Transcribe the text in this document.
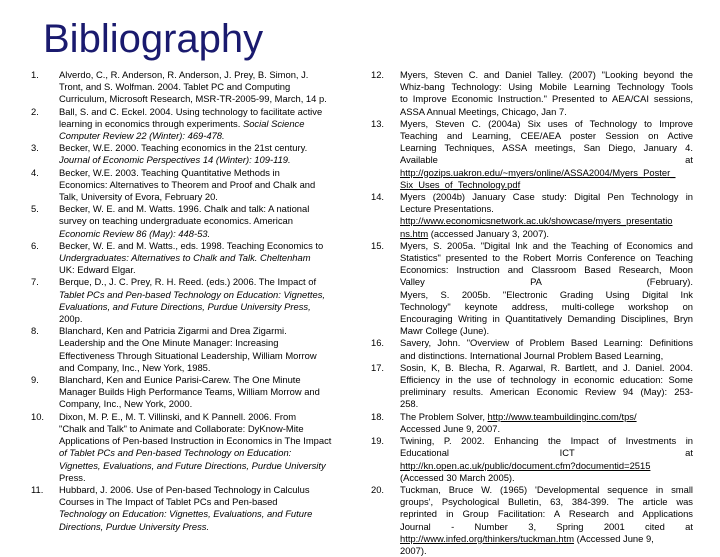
Bibliography
1. Alverdo, C., R. Anderson, R. Anderson, J. Prey, B. Simon, J.
Tront, and S. Wolfman. 2004. Tablet PC and Computing
Curriculum, Microsoft Research, MSR-TR-2005-99, March, 14 p.
2. Ball, S. and C. Eckel. 2004. Using technology to facilitate active
learning in economics through experiments. Social Science
Computer Review 22 (Winter): 469-478.
3. Becker, W.E. 2000. Teaching economics in the 21st century.
Journal of Economic Perspectives 14 (Winter): 109-119.
4. Becker, W.E. 2003. Teaching Quantitative Methods in
Economics: Alternatives to Theorem and Proof and Chalk and
Talk, University of Evora, February 20.
5. Becker, W. E. and M. Watts. 1996. Chalk and talk: A national
survey on teaching undergraduate economics. American
Economic Review 86 (May): 448-53.
6. Becker, W. E. and M. Watts., eds. 1998. Teaching Economics to
Undergraduates: Alternatives to Chalk and Talk. Cheltenham
UK: Edward Elgar.
7. Berque, D., J. C. Prey, R. H. Reed. (eds.) 2006. The Impact of
Tablet PCs and Pen-based Technology on Education: Vignettes,
Evaluations, and Future Directions, Purdue University Press,
200p.
8. Blanchard, Ken and Patricia Zigarmi and Drea Zigarmi.
Leadership and the One Minute Manager: Increasing
Effectiveness Through Situational Leadership, William Morrow
and Company, Inc., New York, 1985.
9. Blanchard, Ken and Eunice Parisi-Carew. The One Minute
Manager Builds High Performance Teams, William Morrow and
Company, Inc., New York, 2000.
10. Dixon, M. P. E., M. T. Villinski, and K Pannell. 2006. From
"Chalk and Talk" to Animate and Collaborate: DyKnow-Mite
Applications of Pen-based Instruction in Economics in The Impact
of Tablet PCs and Pen-based Technology on Education:
Vignettes, Evaluations, and Future Directions, Purdue University
Press.
11. Hubbard, J. 2006. Use of Pen-based Technology in Calculus
Courses in The Impact of Tablet PCs and Pen-based
Technology on Education: Vignettes, Evaluations, and Future
Directions, Purdue University Press.
12. Myers, Steven C. and Daniel Talley. (2007) "Looking beyond the
Whiz-bang Technology: Using Mobile Learning Technology Tools
to Improve Economic Instruction." Presented to AEA/CAI sessions,
ASSA Annual Meetings, Chicago, Jan 7.
13. Myers, Steven C. (2004a) Six uses of Technology to Improve
Teaching and Learning, CEE/AEA poster Session on Active
Learning Techniques, ASSA meetings, San Diego, January 4.
Available at
http://gozips.uakron.edu/~myers/online/ASSA2004/Myers_Poster_
Six_Uses_of_Technology.pdf
14. Myers (2004b) January Case study: Digital Pen Technology in
Lecture Presentations.
http://www.economicsnetwork.ac.uk/showcase/myers_presentatio
ns.htm (accessed January 3, 2007).
15. Myers, S. 2005a. "Digital Ink and the Teaching of Economics and
Statistics" presented to the Robert Morris Conference on Teaching
Economics: Instruction and Classroom Based Research, Moon
Valley PA (February).
Myers, S. 2005b. "Electronic Grading Using Digital Ink
Technology" keynote address, multi-college workshop on
Encouraging Writing in Quantitatively Demanding Disciplines, Bryn
Mawr College (June).
16. Savery, John. "Overview of Problem Based Learning: Definitions
and distinctions. International Journal Problem Based Learning,
17. Sosin, K, B. Blecha, R. Agarwal, R. Bartlett, and J. Daniel. 2004.
Efficiency in the use of technology in economic education: Some
preliminary results. American Economic Review 94 (May): 253-
258.
18. The Problem Solver, http://www.teambuildinginc.com/tps/
Accessed June 9, 2007.
19. Twining, P. 2002. Enhancing the Impact of Investments in
Educational ICT at
http://kn.open.ac.uk/public/document.cfm?documentid=2515
(Accessed 30 March 2005).
20. Tuckman, Bruce W. (1965) 'Developmental sequence in small
groups', Psychological Bulletin, 63, 384-399. The article was
reprinted in Group Facilitation: A Research and Applications
Journal - Number 3, Spring 2001 cited at
http://www.infed.org/thinkers/tuckman.htm (Accessed June 9,
2007).
